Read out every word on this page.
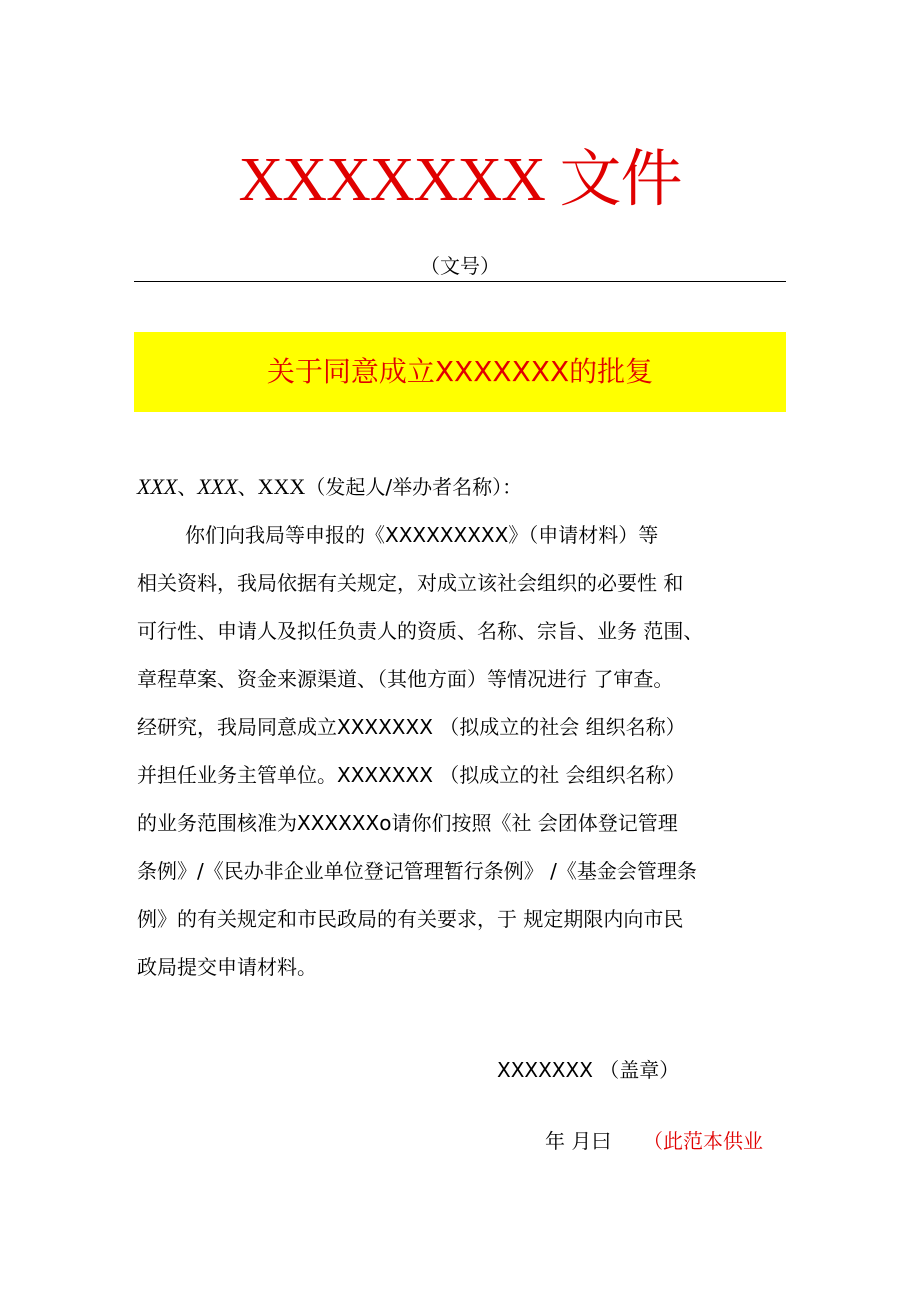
XXXXXXX 文件
（文号）
关于同意成立XXXXXXX的批复
XXX、XXX、XXX（发起人/举办者名称）：
你们向我局等申报的《XXXXXXXXX》（申请材料）等
相关资料，我局依据有关规定，对成立该社会组织的必要性 和
可行性、申请人及拟任负责人的资质、名称、宗旨、业务 范围、
章程草案、资金来源渠道、（其他方面）等情况进行 了审查。
经研究，我局同意成立XXXXXXX （拟成立的社会 组织名称）
并担任业务主管单位。XXXXXXX （拟成立的社 会组织名称）
的业务范围核准为XXXXXXo请你们按照《社 会团体登记管理
条例》/《民办非企业单位登记管理暂行条例》 /《基金会管理条
例》的有关规定和市民政局的有关要求，于 规定期限内向市民
政局提交申请材料。
XXXXXXX （盖章）
年 月曰 （此范本供业
